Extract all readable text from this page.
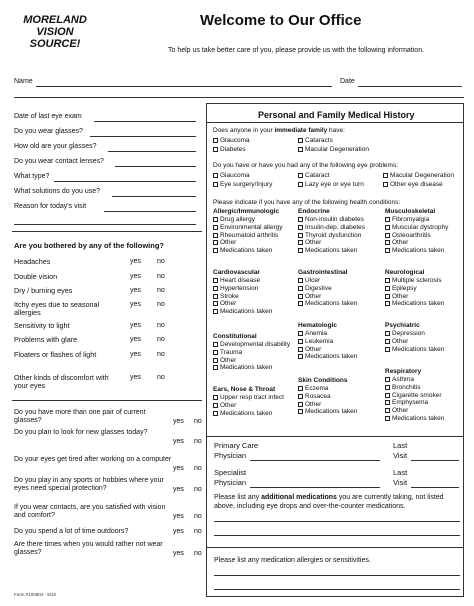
MORELAND
VISION
SOURCE!
Welcome to Our Office
To help us take better care of you, please provide us with the following information.
Name	Date
Date of last eye exam
Do you wear glasses?
How old are your glasses?
Do you wear contact lenses?
What type?
What solutions do you use?
Reason for today's visit
Are you bothered by any of the following?
Headaches	yes no
Double vision	yes no
Dry / burning eyes	yes no
Itchy eyes due to seasonal allergies
yes no
Sensitivity to light	yes no
Problems with glare	yes no
Floaters or flashes of light	yes no
Other kinds of discomfort with your eyes
yes no
Do you have more than one pair of current glasses?	yes no
Do you plan to look for new glasses today?
yes no
Do your eyes get tired after working on a computer
yes no
Do you play in any sports or hobbies where your eyes need special protection?	yes no
If you wear contacts, are you satisfied with vision and comfort?	yes no
Do you spend a lot of time outdoors?	yes no
Are there times when you would rather not wear glasses?	yes no
Personal and Family Medical History
Does anyone in your immediate family have:
Glaucoma	Cataracts
Diabetes	Macular Degeneration
Do you have or have you had any of the following eye problems:
Glaucoma	Cataract	Macular Degeneration
Eye surgery/Injury	Lazy eye or eye turn	Other eye disease
Please indicate if you have any of the following health conditions:
Allergic/Immunologic
Drug allergy
Environmental allergy
Rheumatoid arthritis
Other
Medications taken
Endocrine
Non-insulin diabetes
Insulin-dep. diabetes
Thyroid dysfunction
Other
Medications taken
Musculoskeletal
Fibromyalgia
Muscular dystrophy
Osteoarthritis
Other
Medications taken
Cardiovascular
Heart disease
Hypertension
Stroke
Other
Medications taken
Gastrointestinal
Ulcer
Digestive
Other
Medications taken
Neurological
Multiple sclerosis
Epilepsy
Other
Medications taken
Hematologic
Anemia
Leukemia
Other
Medications taken
Psychiatric
Depression
Other
Medications taken
Constitutional
Developmental disability
Trauma
Other
Medications taken
Respiratory
Asthma
Bronchitis
Cigarette smoker
Emphysema
Other
Medications taken
Ears, Nose & Throat
Upper resp tract infect
Other
Medications taken
Skin Conditions
Eczema
Rosacea
Other
Medications taken
Primary Care
Physician
Last
Visit
Specialist
Physician
Last
Visit
Please list any additional medications you are currently taking, not listed above, including eye drops and over-the-counter medications.
Please list any medication allergies or sensitivities.
Form #100804 - 5/10
